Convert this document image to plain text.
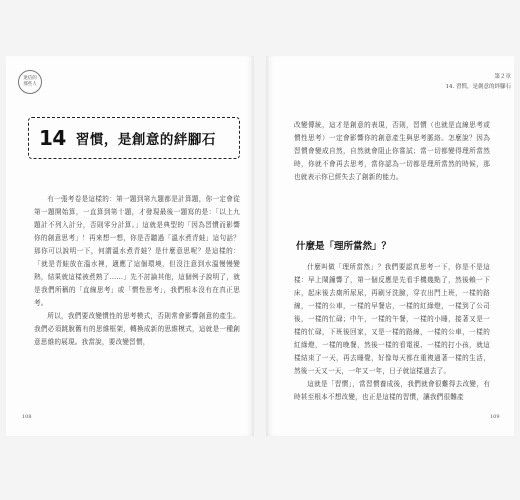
迷信的
那些人
14 習慣，是創意的絆腳石

有一張考卷是這樣的：第一題到第九題都是計算題，你一定會從第一題開始算，一直算到第十題，才發現最後一題寫的是：「以上九題計不列入計分，否則零分計算。」這就是典型的「因為習慣而影響你的創意思考」！再來想一想，你是否聽過「溫水煮青蛙」這句話？那你可以說明一下，何謂溫水煮青蛙？是什麼意思呢？是這樣的：「就是青蛙放在溫水裡，適應了這個環境，但沒注意到水溫慢慢變熱，結果就這樣被煮熟了……」先不討論其他，這個例子說明了，就是我們所稱的「直線思考」或「慣性思考」，我們根本沒有在真正思考。

所以，我們要改變慣性的思考模式，否則常會影響創意的產生。我們必須跳脫舊有的思維框架，轉換成新的思維模式，這就是一種創意思維的展現。我當說，要改變習慣，

108
第２章
14. 習慣，是創意的絆腳石

改變傳統，這才是創意的表現，否則，習慣（也就是直線思考或慣性思考）一定會影響你的創意產生與思考脈絡。怎麼說？因為習慣會變成自然，自然就會阻止你嘗試；當一切都變得理所當然時，你就不會再去思考，當你認為一切都是理所當然的時候，那也就表示你已經失去了創新的能力。

什麼是「理所當然」？

什麼叫做「理所當然」？我們要認真思考一下，你是不是這樣：早上鬧鐘響了，第一個反應是先看手機幾點了，然後賴一下床，起床後去廁所尿尿，再刷牙洗臉，穿衣出門上班，一樣的路線，一樣的公車，一樣的早餐店，一樣的紅綠燈，一樣到了公司後，一樣的忙碌；中午，一樣的午餐，一樣的小睡，接著又是一樣的忙碌，下班後回家，又是一樣的路線，一樣的公車，一樣的紅綠燈，一樣的晚餐，然後一樣的看電視、一樣的打小孩，就這樣結束了一天，再去睡覺，好像每天都在重複過著一樣的生活，然後一天又一天，一年又一年，日子就這樣過去了。

這就是「習慣」，當習慣養成後，我們就會很難得去改變，有時甚至根本不想改變，也正是這樣的習慣，讓我們很難產

109
